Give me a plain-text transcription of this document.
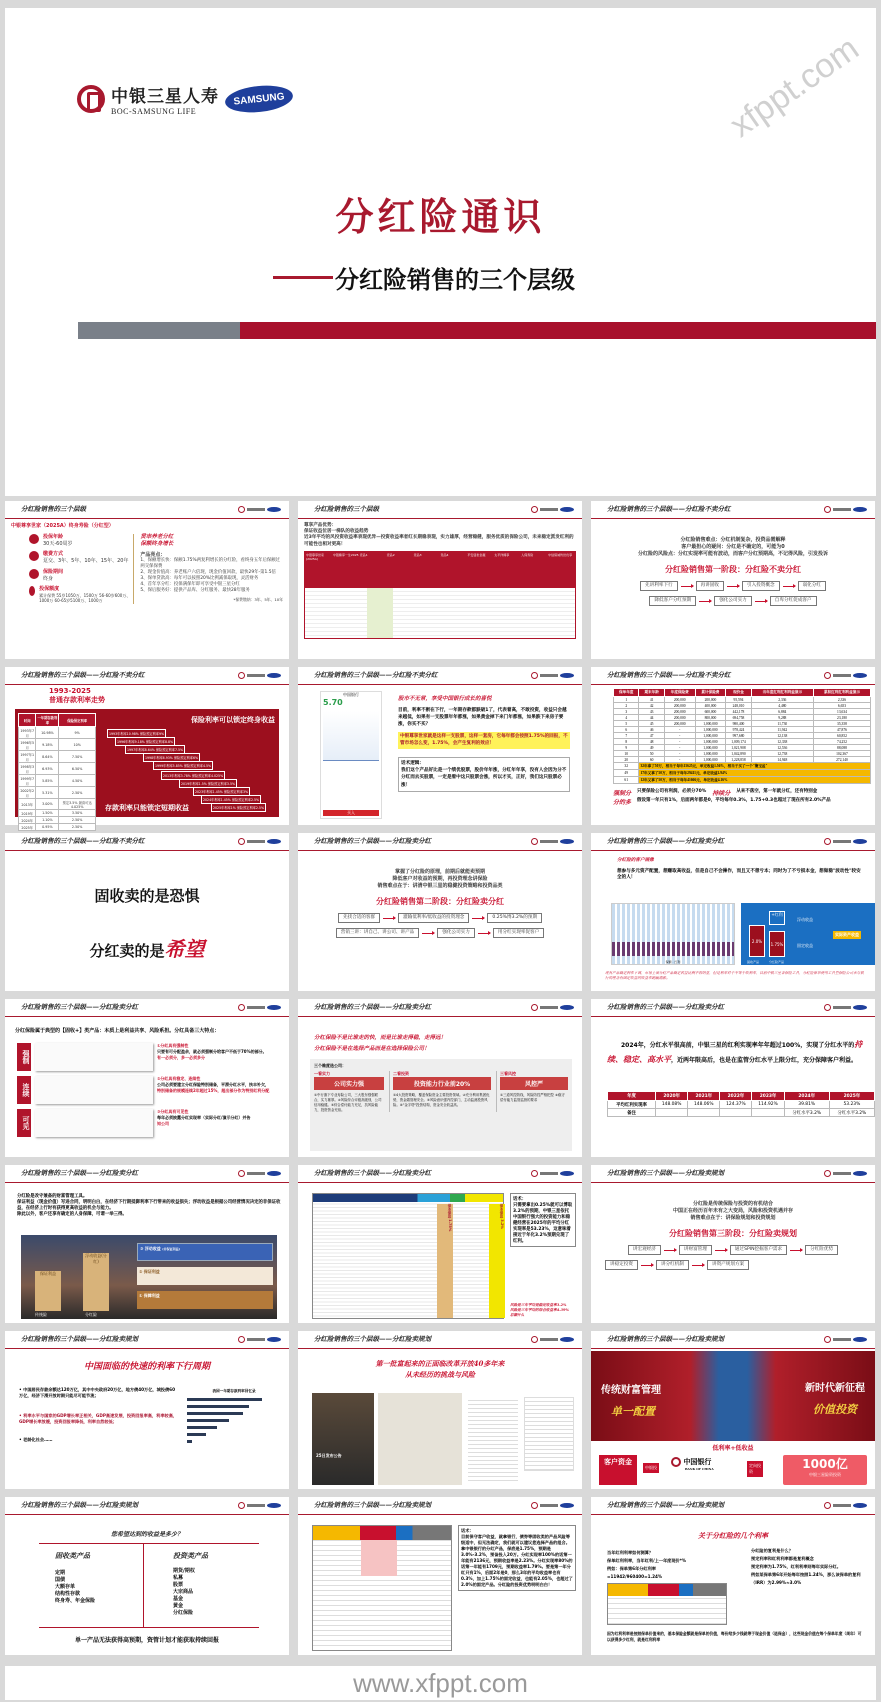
中银三星人寿
BOC-SAMSUNG LIFE
SAMSUNG	xfppt.com
分红险通识
分红险销售的三个层级
分红险销售的三个层级
中银尊享世家（2025A）终身寿险（分红型）
投保年龄
30天-60周岁
缴费方式
趸交、3年、5年、10年、15年、20年
保险期间
终身
投保额度
累计保费 55岁1050万、1500万 56-60岁600万、1000万 60-65岁5100万、1000万
贯串养老分红
保额终身增长
产品亮点：
1、保额增长快：保额1.75%两复利增长的分红险，看终身五年后保额过两交保保费
2、现金价值高：养老账户六倍现，现金价值回款，最快29年-第1.5倍
3、保单贷款高：每年可以按照20%比例减保取现，灵活财务
4、首年享分红：投保满保年即可享受中银三星分红
5、保后服务好：提供产品库、分红服务、最快28年服务
*保费缴纳：3年、5年、10年
分红险销售的三个层级
尊享产品优势：
保证收益位居一梯队的收益趋势
近3年平均的风投资收益率表现优异—投资收益率者红长期稳表现，实力雄厚，经营稳健，服务优质的保险公司，未来稳定派发红利的可能性也相对更高！
中银尊享世家(2025A)
中银臻享一生2025 竞品1	竞品2	竞品3	竞品4	平安盛世金越	太平洋臻享	人保寿险	中信保诚传世优享
分红险销售的三个层级——分红险不卖分红
分红险销售难点：分红机制复杂，投资品需解释
客户最担心的疑问：分红是不确定的，可能为0
分红险的风险点：分红实现率可能有波动，而客户分红预期高，不记得风险，引发投诉
分红险销售第一阶段：分红险不卖分红
先讲利率下行	再讲固收	引入投资概念	弱化分红
降低客户分红预期	强化公司实力	自卑分红促成客户
分红险销售的三个层级——分红险不卖分红
1993-2025
普通存款利率走势
时间	一年期存款利率	保险预定利率
1993年7月	10.98%	9%
1996年5月	9.18%	10%
1997年1月	8.64%	7.50%
1998年3月	6.93%	6.50%
1999年7月	5.85%	4.50%
2002年2月	5.31%	2.50%
2013年	3.00%	预定3.5% 最高可达 4.025%
2019年	1.50%	3.50%
2024年	1.10%	2.50%
2025年	0.95%	2.50%
保险利率可以锁定终身收益
1993年利率10.98% 保险预定利率9%
1996年利率9.18% 保险预定利率8.8%
1997年利率8.64% 保险预定利率7.5%
1998年利率6.93% 保险预定利率6%
1999年利率5.85% 保险预定利率4.5%
2013年利率3.78% 保险预定利率4.025%
2019年利率1.5% 保险预定利率3.5%
2023年利率1.45% 保险预定利率3%
2024年利率1.45% 保险预定利率2.5%
2025年利率1% 保险预定利率2.5%
存款利率只能锁定短期收益
分红险销售的三个层级——分红险不卖分红
中国银行
5.70
买入
股市不无常，享受中国银行成长的喜悦
目前，利率不断在下行，一年期存款都跌破1了，代表着高，不敢投资，收益只会越来越低，如果有一支股票年年都涨，如果黄金掉下来门年都涨，如果跌下来房子要涨，你买不买？
中银尊享世家就是这样一支股票，这样一套房，它每年都会按照1.75%的回报，不管市场怎么变，1.75%，会产生复利的效应！
话术逻辑：
我们这个产品好比是一个绩优股票，股价年年涨，分红年年享，没有人会因为分不分红而去买股票，一定是看中这只股票会涨，所以才买，正好，我们这只股票必涨！
分红险销售的三个层级——分红险不卖分红
保单年度	期末年龄	年度保险费	累计保险费	现价金	当年度红利红利利益演示	累积红利红利利益演示
1	41	200,000	200,000	95,594	2,336	2,336
2	42	200,000	400,000	248,010	4,480	6,653
3	43	200,000	600,000	442,178	6,884	13,634
4	44	200,000	800,000	694,758	9,288	23,180
5	45	200,000	1,000,000	980,400	11,730	35,358
6	46	-	1,000,000	978,424	11,942	47,876
7	47	-	1,000,000	997,680	12,138	60,852
8	48	-	1,000,000	1,009,174	12,338	74,252
9	49	-	1,000,000	1,021,908	12,536	88,088
10	50	-	1,000,000	1,042,890	12,738	102,367
20	60	-	1,000,000	1,228,858	14,948	272,140
32	32年拿了50万，相当于每年15625元，单定收益1.56%，相当于买了一个"聚宝盆"					
49	17年又拿了50万，相当于每年29411元，单定收益2.94%					
61	12年又拿了50万，相当于每年41666元，单定收益4.16%					
强制分 只要保险公司有利润，必须分70% 持续分 从来不落空，第一年就分红，还有特别金
分的多 假设第一年只有1%，后面两年都是0，平均每年0.3%，1.75+0.3也超过了现在所有2.0%产品
分红险销售的三个层级——分红险不卖分红
固收卖的是恐惧
分红卖的是希望
分红险销售的三个层级——分红险卖分红
掌握了分红险的原理，前期后就能卖预期
降低客户对收益的预期，再投资理念讲保险
销售难点在于：讲清中银三星的稳健投资策略和投资品类
分红险销售第二阶段：分红险卖分红
先找合适的客群	灌输低利率/低收益的投资理念	0.25%博3.2%的预期
营销三讲：讲自己、讲公司、讲产品	强化公司实力	用分红实现率促客户
分红险销售的三个层级——分红险卖分红
分红险的客户画像
想参与多元资产配置，想赚取高收益，但是自己不会操作，而且又不想亏本；同时为了不亏损本金，想做稳"波动性"较安全的人！
保额 · 红利
2.0%
+红利
1.75%
浮动收益
固定收益
实际资产收益
固收产品	分红险产品
现有产品确定利率下调，市场上该分红产品确定收益比例不再明显，但是利率对于不等于收利率，目前中银三星各保险工具，分红险保单使用工具型保险公司来与银行的理念有固定收益的收益率跑赢通胀。
分红险销售的三个层级——分红险卖分红
分红保险属于典型的【固收+】类产品：本质上是利益共享、风险系担。分红具备三大特点：
强制
①分红具有强制性
只要有可分配盈余，就必须强制分给客户不低于70%的部分。
有一必须分，多一必须多分
连续
②分红具有稳定、连续性
公司必须要建立分红保险特别储备，平滑分红水平，扶丰补欠，
特别储备的规模连续2年超过15%，超出部分作为特别红利分配
可见
③分红具有可见性
每年必须披露分红实现率（实际分红/演示分红）并告
知公司
分红险销售的三个层级——分红险卖分红
分红保险不是比谁走的快，而是比谁走得稳，走得远！
分红保险不是在选择产品而是在选择保险公司！
三个维度选公司：
一看实力
公司实力强
①中行旗下专业寿险公司，三大股东强强联合，实力雄厚。②风险综合评级高级别，公司信用稳健。③综合偿付能力充足，抗风险能力，投资资金充裕。
二看投资
投资能力行业前20%
①4大投资策略，覆盖保险资金主要投资领域。②充分利用集团优势，资金端管理安全。③风险意识强内控部门，主动监测投资风险。④"金字塔"投资结构，资金安全收益高。
三看风控
风控严
①三道风控防线，风险防控严格把控 ②稳守偿付能力监管监督的要求
分红险销售的三个层级——分红险卖分红
2024年，分红水平很高前，中银三星的红利实现率年年超过100%，实现了分红水平的持续、稳定、高水平，近两年限高后，也是在监管分红水平上限分红，充分保障客户利益。
年度	2020年	2021年	2022年	2023年	2024年	2025年
平均红利实现率	148.08%	148.06%	124.37%	114.92%	39.81%	53.23%
备注					分红水平3.2%	分红水平3.2%
分红险销售的三个层级——分红险卖分红
分红险是改守兼备的财富管理工具。
保证利益（现金价值）写进合同，明明白白，在经济下行期抵御利率下行带来的收益损失；浮动收益是根据公司经营情况决定的非保证收益，在经济上行时有获得更高收益的机会与能力。
除此以外，客户还享有确定的人身保障，可谓一举三得。
③ 浮动收益 (非保证利益)
② 保证利益
① 保障利益
保证利益
浮动收益(分红)
传统险	分红险
分红险销售的三个层级——分红险卖分红
保本保息 1.75%	保本保息 3.2%
话术：
只需要拿出0.25%就可以博取3.2%的预期，中银三星依托中国银行强大的投资能力和稳健经营在2025年的平均分红实现率是53.23%，这意味着接近于年化3.2%预期兑现了红利。
风险是三年平均是稳定收益率3.2%
风险是三年平均的综合收益率4.39%
总额什么
分红险销售的三个层级——分红险卖规划
分红险是传统保险与投资的有机结合
中国正在经历百年未有之大变局，风险和投资机遇并存
销售难点在于：讲保险规划和投资规划
分红险销售第三阶段：分红险卖规划
讲宏观经济	讲财富管理	通过SPIN挖掘客户需求	分红险优势
讲稳定投资	讲分红机制	讲资产规划方案
分红险销售的三个层级——分红险卖规划
中国面临的快速的利率下行周期
• 中国居民存款余额达120万亿，其中中央政府20万亿，地方债40万亿，城投债60万亿，经济下滑开放时期只能尽可能节流；
• 利率水平与国家的GDP增长率正相关，GDP高速发展，投资回报率高，利率较高，GDP增长率放缓，投资回报率降低，利率自然较低；
• 老龄化社会……
我国一年期存款利率回忆录
分红险销售的三个层级——分红险卖规划
第一批富起来的正面临改革开放40多年来
从未经历的挑战与风险
25日发布公告
分红险销售的三个层级——分红险卖规划
传统财富管理
单一配置
新时代新征程
价值投资
低利率+低收益
客户资金
中银投
中国银行
BANK OF CHINA
定向投资
1000亿
中银三星险资投资
分红险销售的三个层级——分红险卖规划
您希望达到的收益是多少？
固收类产品
定期
国债
大额存单
结构性存款
终身寿、年金保险
投资类产品
期货/期权
私募
股票
大宗商品
基金
黄金
分红保险
单一产品无法获得高预期，资管计划才能获取持续回报
分红险销售的三个层级——分红险卖规划
话术：
目前保守客户收益，就拿银行，债券等固收类的产品风险等级适中，但无法确定，我们就可以建议您选择产品的组合。拿中银银行的分红产品，保底是1.75%，预期是3.0%-3.2%，预备投入20万。分红实现率100%的话第一年能有2136元，预期收益率是2.23%。分红实现率80%的话第一年能有1709元，预期收益率1.79%。要是第一年分红只有1%，后面2年是0，那么3年的平均收益率也有0.3%，加上1.75%的固定收益，也能有2.05%，也超过了2.0%的固定产品。分红险的投资优势明明白白！
分红险销售的三个层级——分红险卖规划
关于分红险的几个利率
当年红利利率如何测算？
保单红利利率，当年红利/上一年度现价*%
例如：保单第6年分红利率
=11942/960400=1.24%
分红险的复利是什么？
预定利率和红利利率都是复利概念
预定利率为1.75%，红利利率则每年实际分红。
例如某保单第6年开始每年按照1.24%，那么该保单的复利（IRR）为2.99%≈3.0%
因为红利利率是按照保单价值来的，基本保险金额就是保单的价值，每份给多少钱就等于现金价值（退保金），这些现金价值在每个保单年度（周年）可以获得多少红利，就是红利利率
www.xfppt.com
